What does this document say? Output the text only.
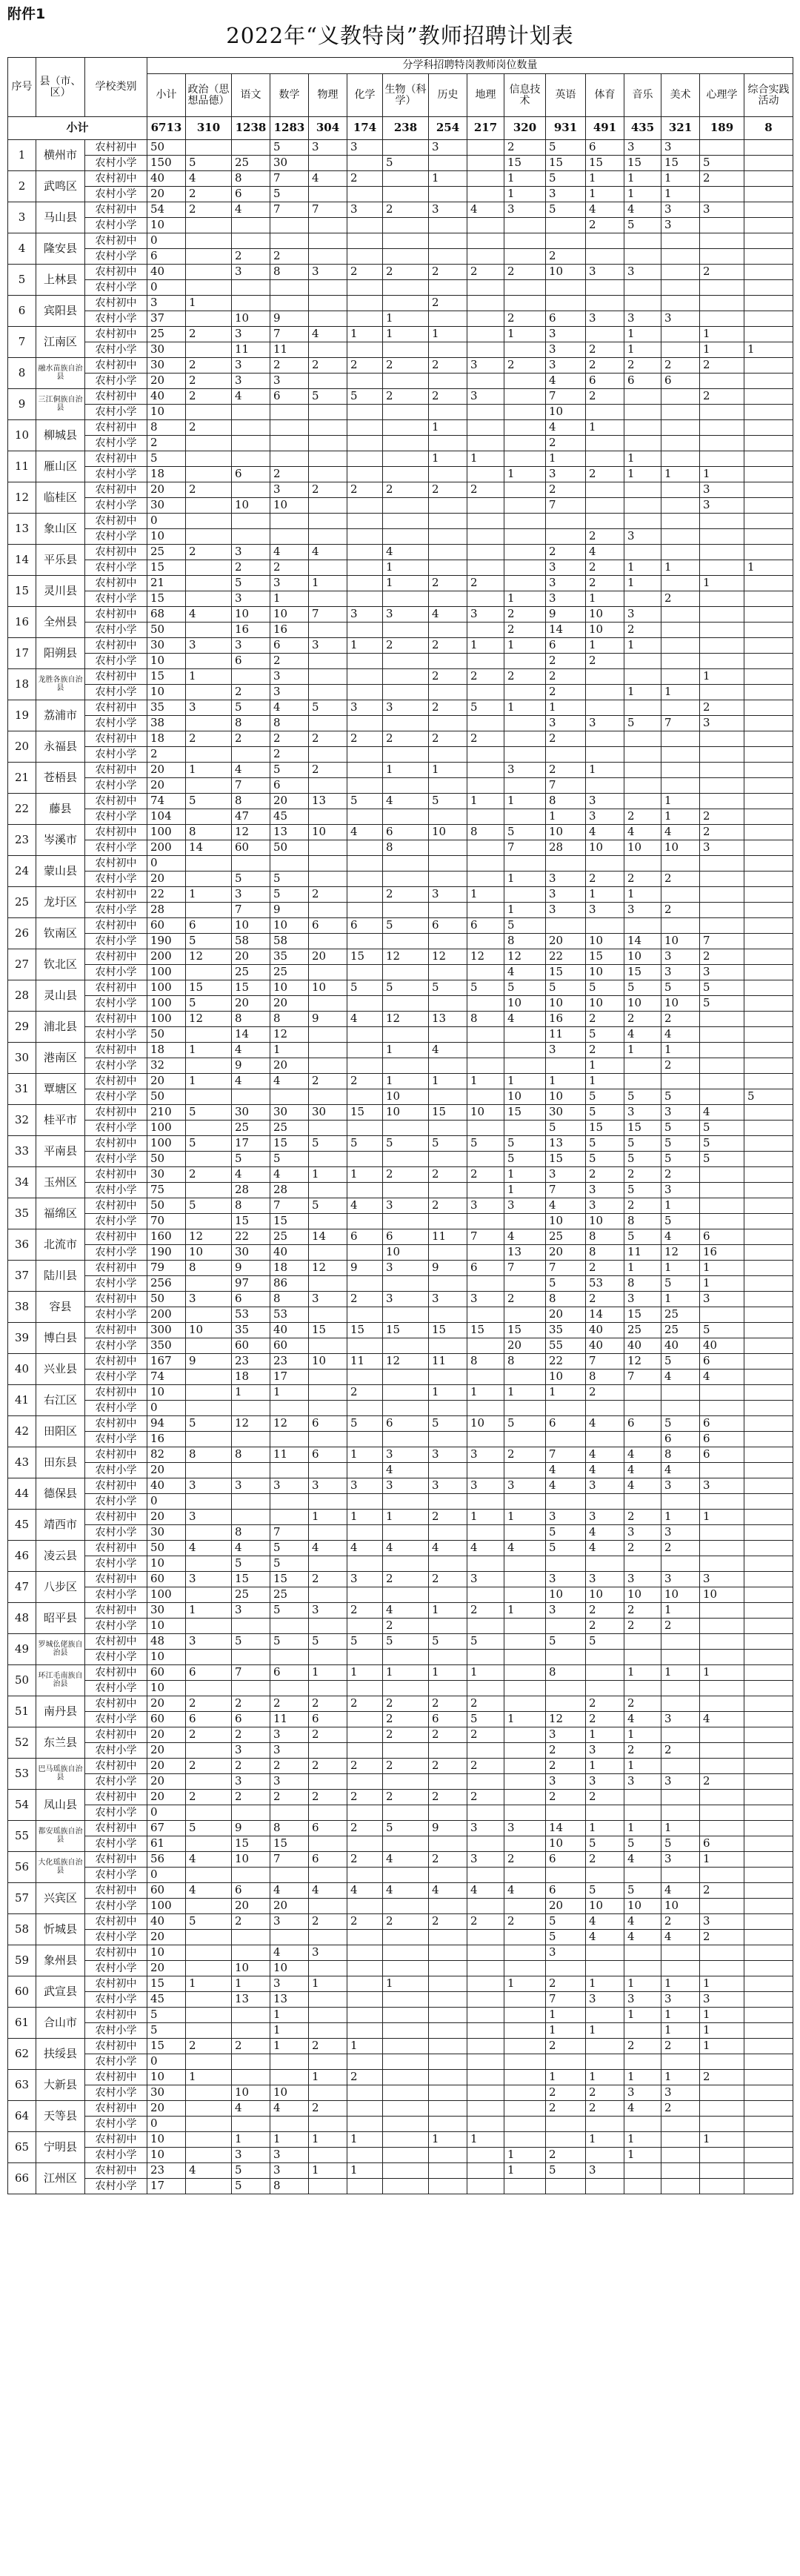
附件1
2022年“义教特岗”教师招聘计划表
序号	县（市、区）	学校类别	分学科招聘特岗教师岗位数量															
			小计	政治（思想品德）	语文	数学	物理	化学	生物（科学）	历史	地理	信息技术	英语	体育	音乐	美术	心理学	综合实践活动
小计			6713	310	1238	1283	304	174	238	254	217	320	931	491	435	321	189	8
1	横州市	农村初中	50			5	3	3		3		2	5	6	3	3		
		农村小学	150	5	25	30			5			15	15	15	15	15	5	
2	武鸣区	农村初中	40	4	8	7	4	2		1		1	5	1	1	1	2	
		农村小学	20	2	6	5						1	3	1	1	1		
3	马山县	农村初中	54	2	4	7	7	3	2	3	4	3	5	4	4	3	3	
		农村小学	10											2	5	3		
4	隆安县	农村初中	0															
		农村小学	6		2	2							2					
5	上林县	农村初中	40		3	8	3	2	2	2	2	2	10	3	3		2	
		农村小学	0															
6	宾阳县	农村初中	3	1						2								
		农村小学	37		10	9			1			2	6	3	3	3		
7	江南区	农村初中	25	2	3	7	4	1	1	1		1	3		1		1	
		农村小学	30		11	11							3	2	1		1	1
8	融水苗族自治县	农村初中	30	2	3	2	2	2	2	2	3	2	3	2	2	2	2	
		农村小学	20	2	3	3							4	6	6	6		
9	三江侗族自治县	农村初中	40	2	4	6	5	5	2	2	3		7	2			2	
		农村小学	10										10					
10	柳城县	农村初中	8	2						1			4	1				
		农村小学	2										2					
11	雁山区	农村初中	5							1	1		1		1			
		农村小学	18		6	2						1	3	2	1	1	1	
12	临桂区	农村初中	20	2		3	2	2	2	2	2		2				3	
		农村小学	30		10	10							7				3	
13	象山区	农村初中	0															
		农村小学	10											2	3			
14	平乐县	农村初中	25	2	3	4	4		4				2	4				
		农村小学	15		2	2			1				3	2	1	1		1
15	灵川县	农村初中	21		5	3	1		1	2	2		3	2	1		1	
		农村小学	15		3	1						1	3	1		2		
16	全州县	农村初中	68	4	10	10	7	3	3	4	3	2	9	10	3			
		农村小学	50		16	16						2	14	10	2			
17	阳朔县	农村初中	30	3	3	6	3	1	2	2	1	1	6	1	1			
		农村小学	10		6	2							2	2				
18	龙胜各族自治县	农村初中	15	1		3				2	2	2	2				1	
		农村小学	10		2	3							2		1	1		
19	荔浦市	农村初中	35	3	5	4	5	3	3	2	5	1	1				2	
		农村小学	38		8	8							3	3	5	7	3	
20	永福县	农村初中	18	2	2	2	2	2	2	2	2		2					
		农村小学	2			2												
21	苍梧县	农村初中	20	1	4	5	2		1	1		3	2	1				
		农村小学	20		7	6							7					
22	藤县	农村初中	74	5	8	20	13	5	4	5	1	1	8	3		1		
		农村小学	104		47	45							1	3	2	1	2	
23	岑溪市	农村初中	100	8	12	13	10	4	6	10	8	5	10	4	4	4	2	
		农村小学	200	14	60	50			8			7	28	10	10	10	3	
24	蒙山县	农村初中	0															
		农村小学	20		5	5						1	3	2	2	2		
25	龙圩区	农村初中	22	1	3	5	2		2	3	1		3	1	1			
		农村小学	28		7	9						1	3	3	3	2		
26	钦南区	农村初中	60	6	10	10	6	6	5	6	6	5						
		农村小学	190	5	58	58						8	20	10	14	10	7	
27	钦北区	农村初中	200	12	20	35	20	15	12	12	12	12	22	15	10	3	2	
		农村小学	100		25	25						4	15	10	15	3	3	
28	灵山县	农村初中	100	15	15	10	10	5	5	5	5	5	5	5	5	5	5	
		农村小学	100	5	20	20						10	10	10	10	10	5	
29	浦北县	农村初中	100	12	8	8	9	4	12	13	8	4	16	2	2	2		
		农村小学	50		14	12							11	5	4	4		
30	港南区	农村初中	18	1	4	1			1	4			3	2	1	1		
		农村小学	32		9	20								1		2		
31	覃塘区	农村初中	20	1	4	4	2	2	1	1	1	1	1	1				
		农村小学	50						10			10	10	5	5	5		5
32	桂平市	农村初中	210	5	30	30	30	15	10	15	10	15	30	5	3	3	4	
		农村小学	100		25	25							5	15	15	5	5	
33	平南县	农村初中	100	5	17	15	5	5	5	5	5	5	13	5	5	5	5	
		农村小学	50		5	5						5	15	5	5	5	5	
34	玉州区	农村初中	30	2	4	4	1	1	2	2	2	1	3	2	2	2		
		农村小学	75		28	28						1	7	3	5	3		
35	福绵区	农村初中	50	5	8	7	5	4	3	2	3	3	4	3	2	1		
		农村小学	70		15	15							10	10	8	5		
36	北流市	农村初中	160	12	22	25	14	6	6	11	7	4	25	8	5	4	6	
		农村小学	190	10	30	40			10			13	20	8	11	12	16	
37	陆川县	农村初中	79	8	9	18	12	9	3	9	6	7	7	2	1	1	1	
		农村小学	256		97	86							5	53	8	5	1	
38	容县	农村初中	50	3	6	8	3	2	3	3	3	2	8	2	3	1	3	
		农村小学	200		53	53							20	14	15	25		
39	博白县	农村初中	300	10	35	40	15	15	15	15	15	15	35	40	25	25	5	
		农村小学	350		60	60						20	55	40	40	40	40	
40	兴业县	农村初中	167	9	23	23	10	11	12	11	8	8	22	7	12	5	6	
		农村小学	74		18	17							10	8	7	4	4	
41	右江区	农村初中	10		1	1		2		1	1	1	1	2				
		农村小学	0															
42	田阳区	农村初中	94	5	12	12	6	5	6	5	10	5	6	4	6	5	6	
		农村小学	16													6	6	
43	田东县	农村初中	82	8	8	11	6	1	3	3	3	2	7	4	4	8	6	
		农村小学	20						4				4	4	4	4		
44	德保县	农村初中	40	3	3	3	3	3	3	3	3	3	4	3	4	3	3	
		农村小学	0															
45	靖西市	农村初中	20	3			1	1	1	2	1	1	3	3	2	1	1	
		农村小学	30		8	7							5	4	3	3		
46	凌云县	农村初中	50	4	4	5	4	4	4	4	4	4	5	4	2	2		
		农村小学	10		5	5												
47	八步区	农村初中	60	3	15	15	2	3	2	2	3		3	3	3	3	3	
		农村小学	100		25	25							10	10	10	10	10	
48	昭平县	农村初中	30	1	3	5	3	2	4	1	2	1	3	2	2	1		
		农村小学	10						2					2	2	2		
49	罗城仫佬族自治县	农村初中	48	3	5	5	5	5	5	5	5		5	5				
		农村小学	10															
50	环江毛南族自治县	农村初中	60	6	7	6	1	1	1	1	1		8		1	1	1	
		农村小学	10															
51	南丹县	农村初中	20	2	2	2	2	2	2	2	2			2	2			
		农村小学	60	6	6	11	6		2	6	5	1	12	2	4	3	4	
52	东兰县	农村初中	20	2	2	3	2		2	2	2		3	1	1			
		农村小学	20		3	3							2	3	2	2		
53	巴马瑶族自治县	农村初中	20	2	2	2	2	2	2	2	2		2	1	1			
		农村小学	20		3	3							3	3	3	3	2	
54	凤山县	农村初中	20	2	2	2	2	2	2	2	2		2	2				
		农村小学	0															
55	都安瑶族自治县	农村初中	67	5	9	8	6	2	5	9	3	3	14	1	1	1		
		农村小学	61		15	15							10	5	5	5	6	
56	大化瑶族自治县	农村初中	56	4	10	7	6	2	4	2	3	2	6	2	4	3	1	
		农村小学	0															
57	兴宾区	农村初中	60	4	6	4	4	4	4	4	4	4	6	5	5	4	2	
		农村小学	100		20	20							20	10	10	10		
58	忻城县	农村初中	40	5	2	3	2	2	2	2	2	2	5	4	4	2	3	
		农村小学	20										5	4	4	4	2	
59	象州县	农村初中	10			4	3						3					
		农村小学	20		10	10												
60	武宣县	农村初中	15	1	1	3	1		1			1	2	1	1	1	1	
		农村小学	45		13	13							7	3	3	3	3	
61	合山市	农村初中	5			1							1		1	1	1	
		农村小学	5			1							1	1		1	1	
62	扶绥县	农村初中	15	2	2	1	2	1					2		2	2	1	
		农村小学	0															
63	大新县	农村初中	10	1			1	2					1	1	1	1	2	
		农村小学	30		10	10							2	2	3	3		
64	天等县	农村初中	20		4	4	2						2	2	4	2		
		农村小学	0															
65	宁明县	农村初中	10		1	1	1	1		1	1			1	1		1	
		农村小学	10		3	3						1	2		1			
66	江州区	农村初中	23	4	5	3	1	1				1	5	3				
		农村小学	17		5	8												
